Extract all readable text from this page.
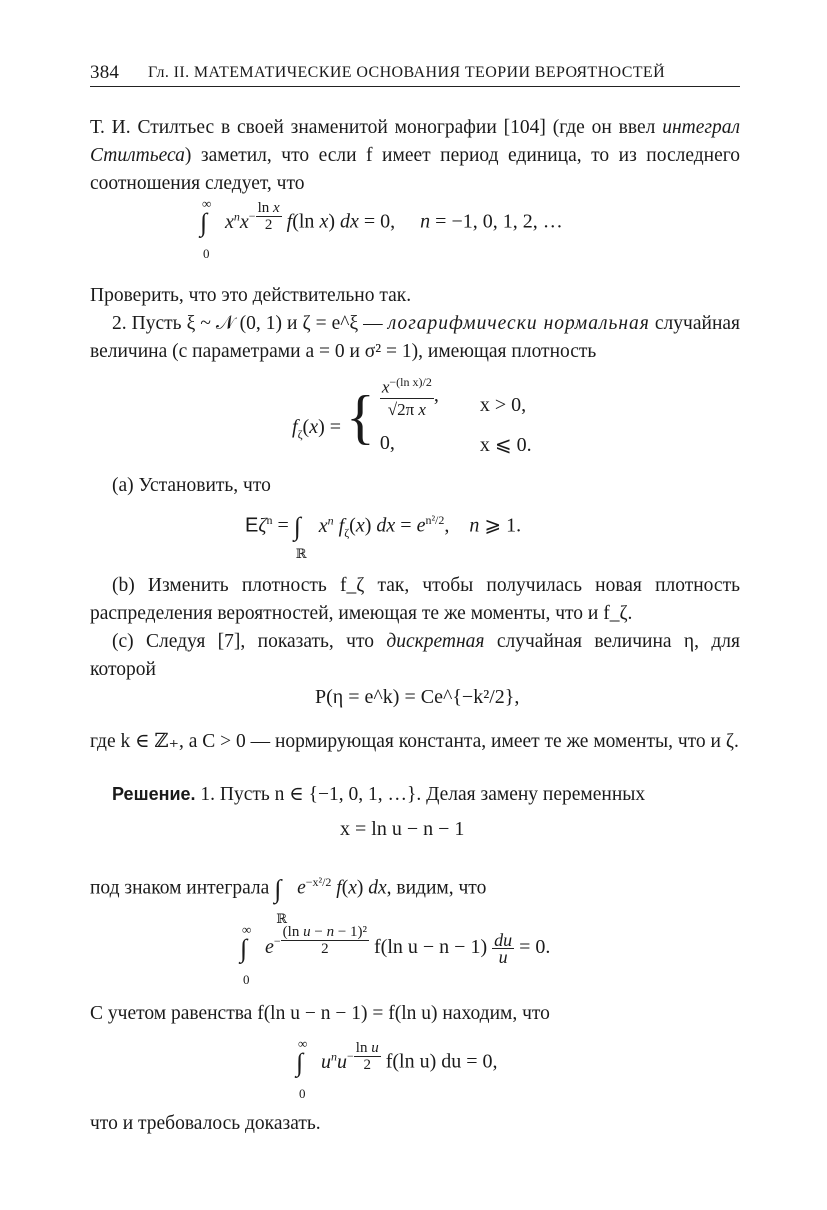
384 Гл. II. МАТЕМАТИЧЕСКИЕ ОСНОВАНИЯ ТЕОРИИ ВЕРОЯТНОСТЕЙ
Т. И. Стилтьес в своей знаменитой монографии [104] (где он ввел интеграл Стилтьеса) заметил, что если f имеет период единица, то из последнего соотношения следует, что
∫
∞
0
$x^nx^{- \frac{\text{ln x}}{2}}$ f(ln x) dx = 0,     n = −1, 0, 1, 2, …
Проверить, что это действительно так.
2. Пусть ξ ~ 𝒩 (0, 1) и ζ = e^ξ — логарифмически нормальная случайная величина (с параметрами a = 0 и σ² = 1), имеющая плотность
$f_\zeta(x)$ = { $\frac{x^{-(ln x)/2}}{\text{√2π x}}$ , x > 0,
0,	x ⩽ 0.
(a) Установить, что
$E\zeta^n$ = ∫
ℝ
$x^n$ $f_\zeta(x)$ dx = $e^{n^2/2}$,    n ⩾ 1.
(b) Изменить плотность f_ζ так, чтобы получилась новая плотность распределения вероятностей, имеющая те же моменты, что и f_ζ.
(c) Следуя [7], показать, что дискретная случайная величина η, для которой
P(η = e^k) = Ce^{−k²/2},
где k ∈ ℤ₊, а C > 0 — нормирующая константа, имеет те же моменты, что и ζ.
Решение. 1. Пусть n ∈ {−1, 0, 1, …}. Делая замену переменных
x = ln u − n − 1
под знаком интеграла ∫
ℝ
$e^{-x^2/2}$ f(x) dx, видим, что
∫
∞
0
$e^{- \frac{\text{(ln u − n − 1)²}}{2}}$ f(ln $u - n - 1) \frac{du}{u} = 0$.
С учетом равенства f(ln u − n − 1) = f(ln u) находим, что
∫
∞
0
$u^nu^{- \frac{\text{ln u}}{2}}$ f(ln u) du = 0,
что и требовалось доказать.
